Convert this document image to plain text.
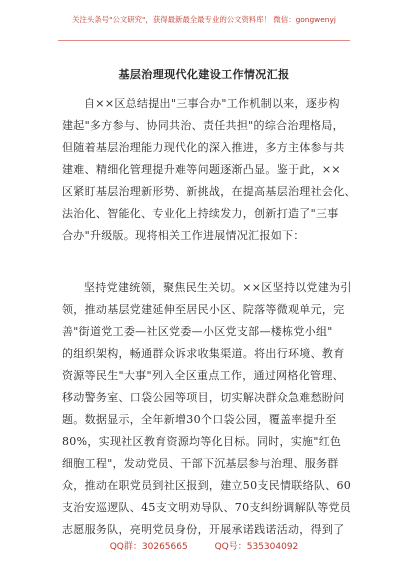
关注头条号"公文研究"，获得最新最全最专业的公文资料库！ 微信：gongwenyj
基层治理现代化建设工作情况汇报
自××区总结提出"三事合办"工作机制以来，逐步构
建起"多方参与、协同共治、责任共担"的综合治理格局，
但随着基层治理能力现代化的深入推进，多方主体参与共
建难、精细化管理提升难等问题逐渐凸显。鉴于此，××
区紧盯基层治理新形势、新挑战，在提高基层治理社会化、
法治化、智能化、专业化上持续发力，创新打造了"三事
合办"升级版。现将相关工作进展情况汇报如下：
坚持党建统领，聚焦民生关切。××区坚持以党建为引
领，推动基层党建延伸至居民小区、院落等微观单元，完
善"街道党工委—社区党委—小区党支部—楼栋党小组"
的组织架构，畅通群众诉求收集渠道。将出行环境、教育
资源等民生"大事"列入全区重点工作，通过网格化管理、
移动警务室、口袋公园等项目，切实解决群众急难愁盼问
题。数据显示，全年新增30个口袋公园，覆盖率提升至
80%，实现社区教育资源均等化目标。同时，实施"红色
细胞工程"，发动党员、干部下沉基层参与治理、服务群
众，推动在职党员到社区报到，建立50支民情联络队、60
支治安巡逻队、45支文明劝导队、70支纠纷调解队等党员
志愿服务队，亮明党员身份，开展承诺践诺活动，得到了
QQ群：30265665	QQ号：535304092
